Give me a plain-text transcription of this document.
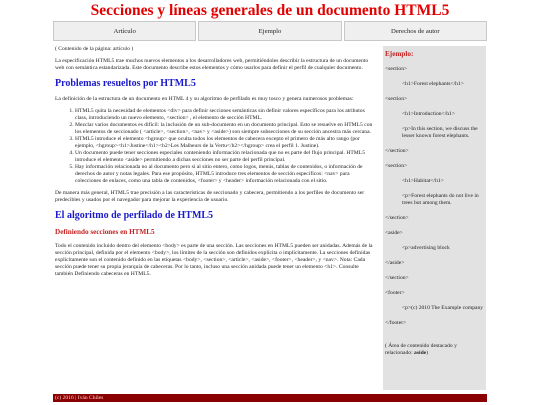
Secciones y líneas generales de un documento HTML5
Artículo	Ejemplo	Derechos de autor

( Contenido de la página: artículo )

La especificación HTML5 trae muchos nuevos elementos a los desarrolladores web, permitiéndoles describir la estructura de un documento web con semántica estandarizada. Este documento describe estos elementos y cómo usarlos para definir el perfil de cualquier documento.

Problemas resueltos por HTML5

La definición de la estructura de un documento en HTML 4 y su algoritmo de perfilado es muy tosco y genera numerosos problemas:

1. HTML5 quita la necesidad de elementos <div> para definir secciones semánticas sin definir valores específicos para los atributos class, introduciendo un nuevo elemento, <section> , el elemento de sección HTML.
2. Mezclar varios documentos es difícil: la inclusión de un sub-documento en un documento principal. Esto se resuelve en HTML5 con los elementos de seccionado ( <article>, <section>, <nav> y <aside>) son siempre subsecciones de su sección ancestra más cercana.
3. HTML5 introduce el elemento <hgroup> que oculta todos los elementos de cabecera excepto el primero de más alto rango (por ejemplo, <hgroup><h1>Justine</h1><h2>Les Malheurs de la Vertu</h2></hgroup> crea el perfil 1. Justine).
4. Un documento puede tener secciones especiales conteniendo información relacionada que no es parte del flujo principal. HTML5 introduce el elemento <aside> permitiendo a dichas secciones no ser parte del perfil principal.
5. Hay información relacionada no al documento pero sí al sitio entero, como logos, menús, tablas de contenidos, o información de derechos de autor y notas legales. Para ese propósito, HTML5 introduce tres elementos de sección específicos: <nav> para colecciones de enlaces, como una tabla de contenidos, <footer> y <header> información relacionada con el sitio.

De manera más general, HTML5 trae precisión a las características de seccionado y cabecera, permitiendo a los perfiles de documento ser predecibles y usados por el navegador para mejorar la experiencia de usuario.

El algoritmo de perfilado de HTML5
Definiendo secciones en HTML5

Todo el contenido incluido dentro del elemento <body> es parte de una sección. Las secciones en HTML5 pueden ser anidadas. Además de la sección principal, definida por el elemento <body>, los límites de la sección son definidos explícita o implícitamente. La secciones definidas explícitamente son el contenido definido en las etiquetas <body>, <section>, <article>, <aside>, <footer>, <header>, y <nav>. Nota: Cada sección puede tener su propia jerarquía de cabeceras. Por lo tanto, incluso una sección anidada puede tener un elemento <h1>. Consulte también Definiendo cabeceras en HTML5.

Ejemplo:
<section>
<h1>Forest elephants</h1>
<section>
<h1>Introduction</h1>
<p>In this section, we discuss the lesser known forest elephants.
</section>
<section>
<h1>Habitat</h1>
<p>Forest elephants do not live in trees but among them.
</section>
<aside>
<p>advertising block
</aside>
</section>
<footer>
<p>(c) 2010 The Example company
</footer>
( Área de contenido destacado y relacionado: aside)
(c) 2016 | Iván Chiles
